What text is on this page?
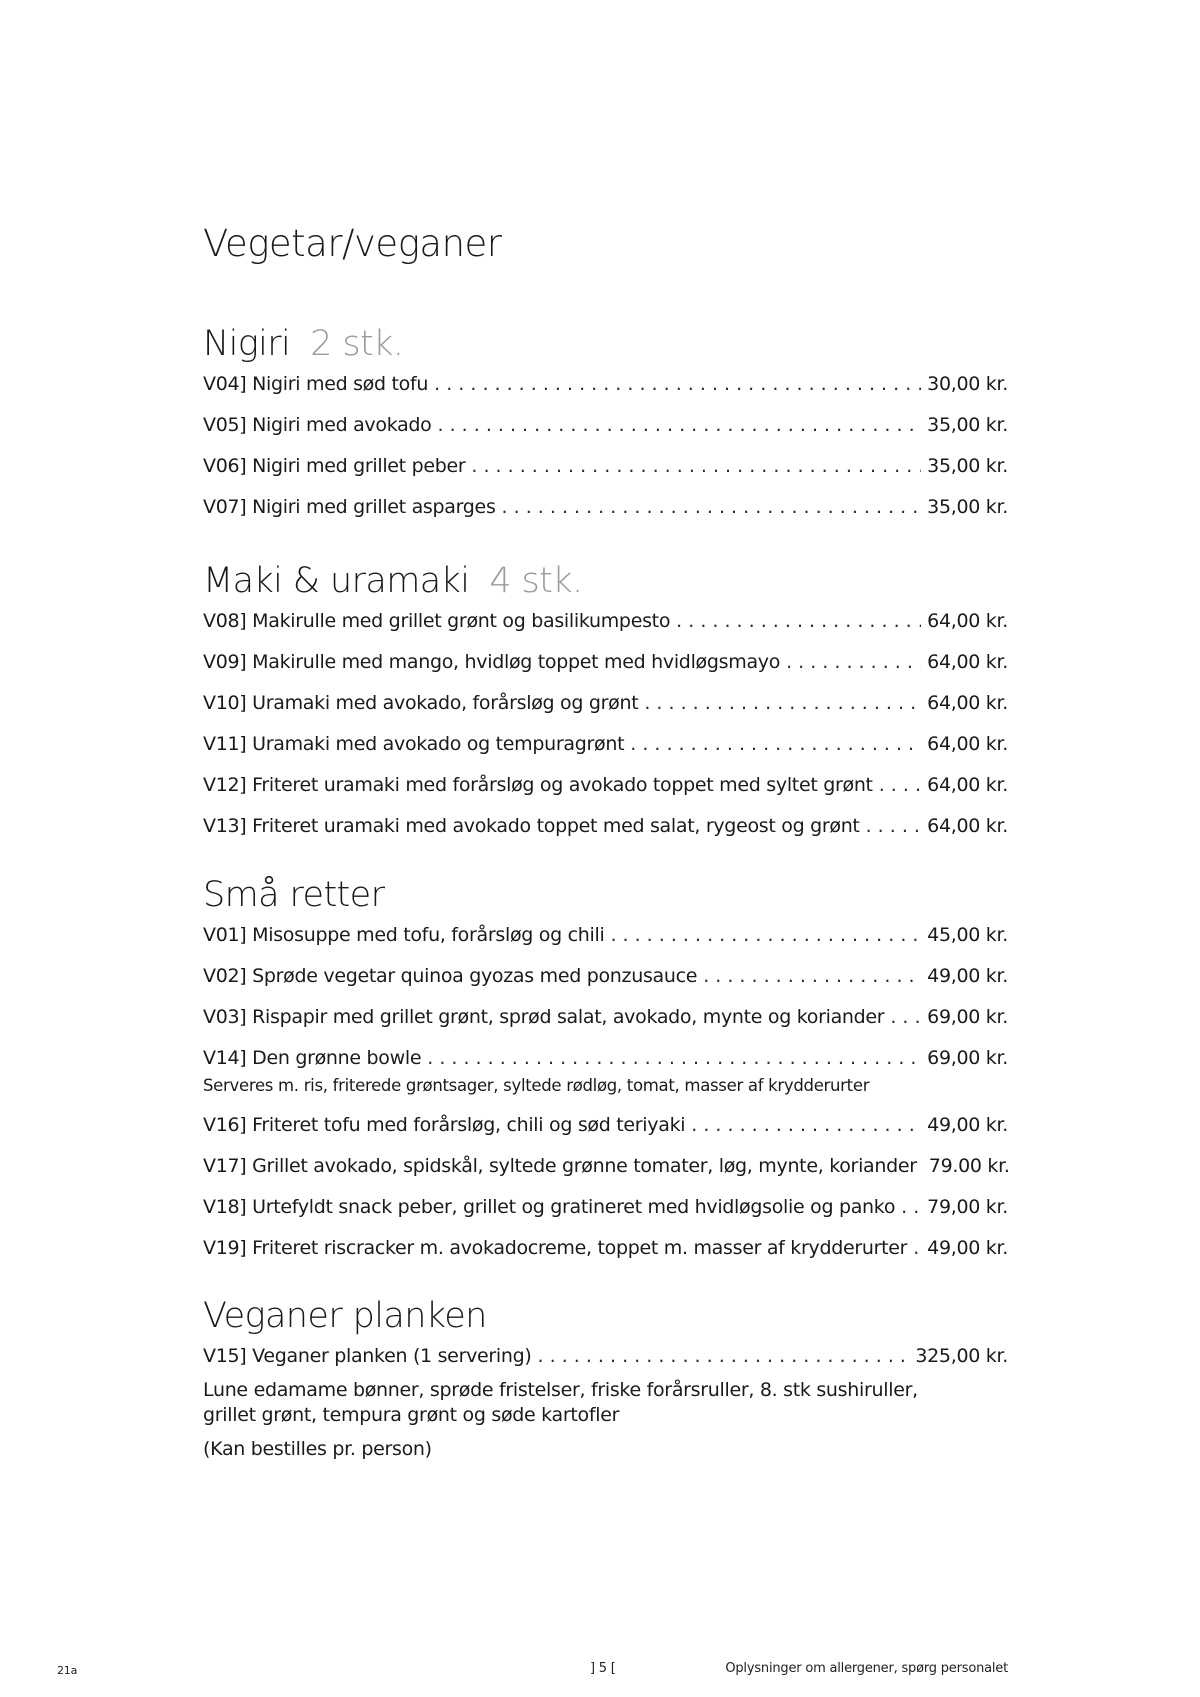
Vegetar/veganer
Nigiri 2 stk.
V04] Nigiri med sød tofu . . .	30,00 kr.
V05] Nigiri med avokado . . .	35,00 kr.
V06] Nigiri med grillet peber . . .	35,00 kr.
V07] Nigiri med grillet asparges . . .	35,00 kr.
Maki & uramaki 4 stk.
V08] Makirulle med grillet grønt og basilikumpesto . . .	64,00 kr.
V09] Makirulle med mango, hvidløg toppet med hvidløgsmayo . . .	64,00 kr.
V10] Uramaki med avokado, forårsløg og grønt . . .	64,00 kr.
V11] Uramaki med avokado og tempuragrønt . . .	64,00 kr.
V12] Friteret uramaki med forårsløg og avokado toppet med syltet grønt . . .	64,00 kr.
V13] Friteret uramaki med avokado toppet med salat, rygeost og grønt . . .	64,00 kr.
Små retter
V01] Misosuppe med tofu, forårsløg og chili . . .	45,00 kr.
V02] Sprøde vegetar quinoa gyozas med ponzusauce . . .	49,00 kr.
V03] Rispapir med grillet grønt, sprød salat, avokado, mynte og koriander . . . 69,00 kr.
V14] Den grønne bowle . . .	69,00 kr.
Serveres m. ris, friterede grøntsager, syltede rødløg, tomat, masser af krydderurter
V16] Friteret tofu med forårsløg, chili og sød teriyaki . . .	49,00 kr.
V17] Grillet avokado, spidskål, syltede grønne tomater, løg, mynte, koriander 79.00 kr.
V18] Urtefyldt snack peber, grillet og gratineret med hvidløgsolie og panko . . . 79,00 kr.
V19] Friteret riscracker m. avokadocreme, toppet m. masser af krydderurter . . . 49,00 kr.
Veganer planken
V15] Veganer planken (1 servering) . . .	325,00 kr.
Lune edamame bønner, sprøde fristelser, friske forårsruller, 8. stk sushiruller,
grillet grønt, tempura grønt og søde kartofler
(Kan bestilles pr. person)
21a	] 5 [	Oplysninger om allergener, spørg personalet
